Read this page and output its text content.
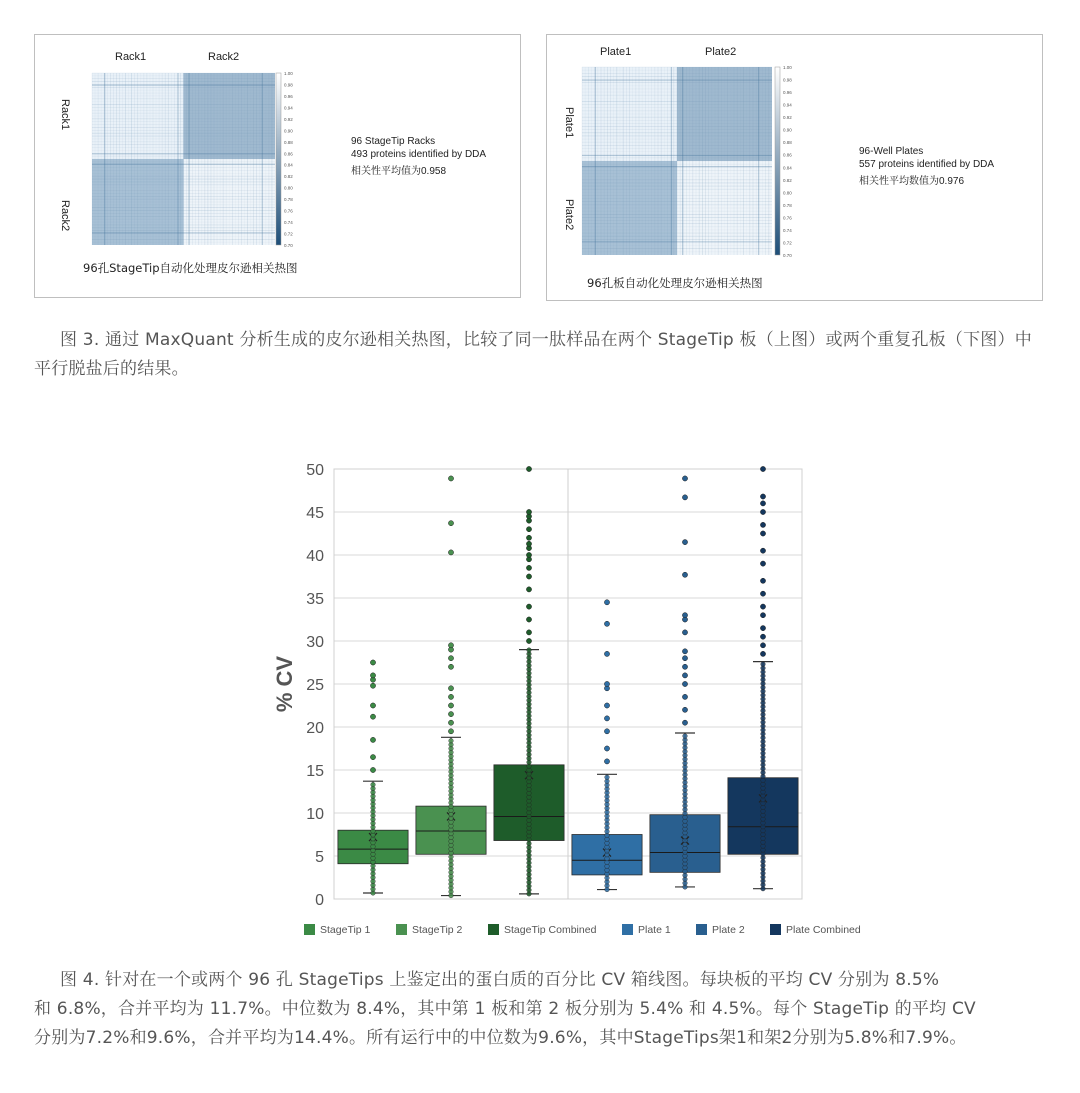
1.00
0.98
0.96
0.94
0.92
0.90
0.88
0.86
0.84
0.82
0.80
0.78
0.76
0.74
0.72
0.70
Rack1	Rack2
Rack1
Rack2
96 StageTip Racks
493 proteins identified by DDA
相关性平均值为0.958
96孔StageTip自动化处理皮尔逊相关热图
1.00
0.98
0.96
0.94
0.92
0.90
0.88
0.86
0.84
0.82
0.80
0.78
0.76
0.74
0.72
0.70
Plate1	Plate2
Plate1
Plate2
96-Well Plates
557 proteins identified by DDA
相关性平均数值为0.976
96孔板自动化处理皮尔逊相关热图
图 3. 通过 MaxQuant 分析生成的皮尔逊相关热图，比较了同一肽样品在两个 StageTip 板（上图）或两个重复孔板（下图）中平行脱盐后的结果。
0
5
10
15
20
25
30
35
40
45
50
% CV
StageTip 1	StageTip 2	StageTip Combined	Plate 1	Plate 2	Plate Combined
图 4. 针对在一个或两个 96 孔 StageTips 上鉴定出的蛋白质的百分比 CV 箱线图。每块板的平均 CV 分别为 8.5%
和 6.8%，合并平均为 11.7%。中位数为 8.4%，其中第 1 板和第 2 板分别为 5.4% 和 4.5%。每个 StageTip 的平均 CV
分别为7.2%和9.6%，合并平均为14.4%。所有运行中的中位数为9.6%，其中StageTips架1和架2分别为5.8%和7.9%。
